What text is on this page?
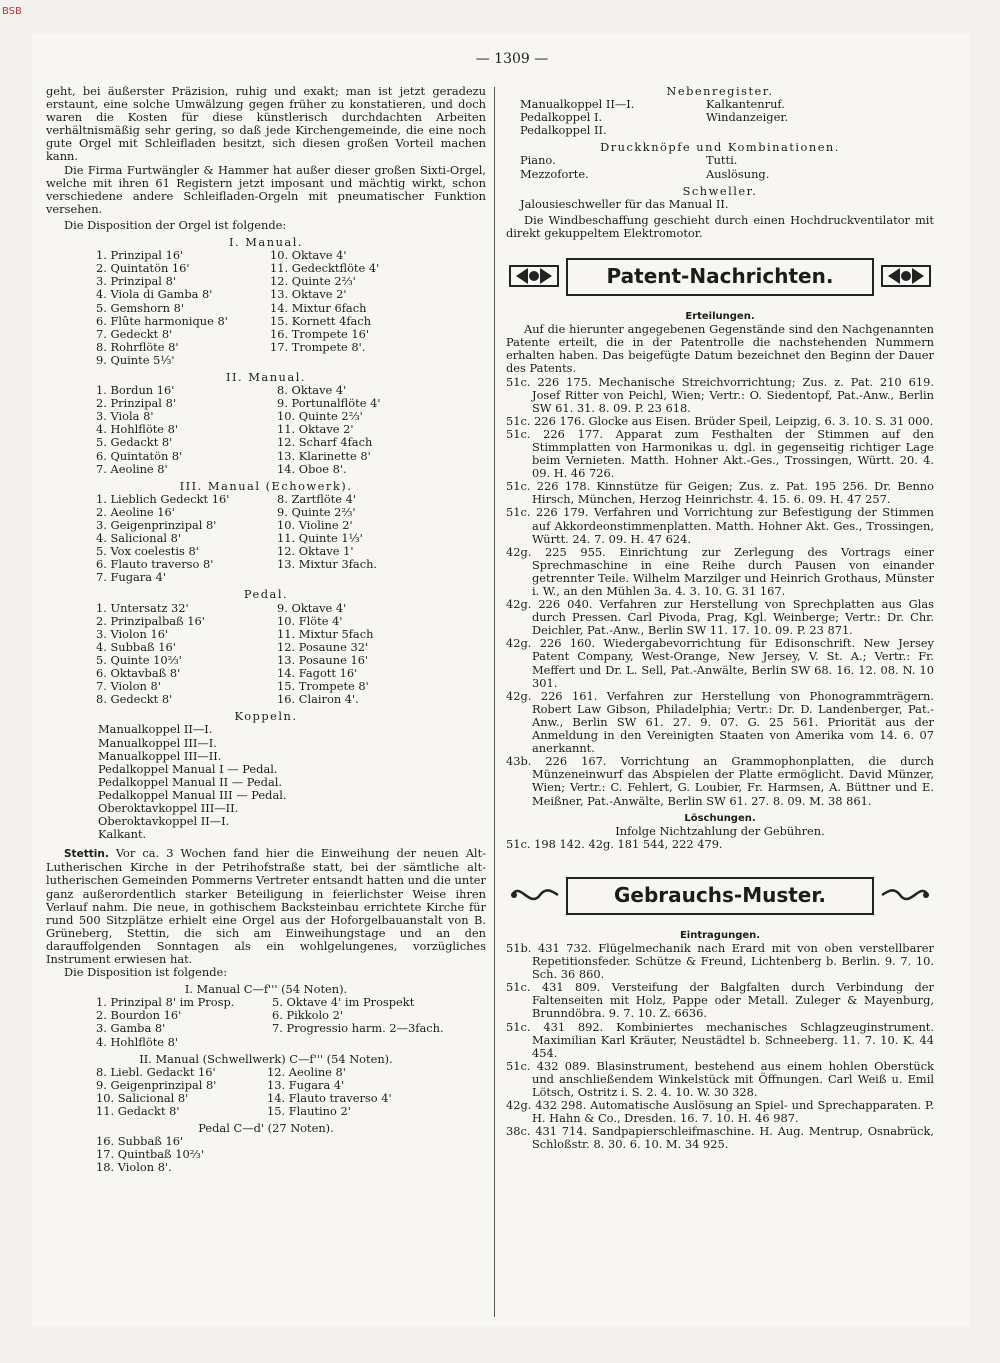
BSB
— 1309 —

geht, bei äußerster Präzision, ruhig und exakt; man ist jetzt geradezu erstaunt, eine solche Umwälzung gegen früher zu konstatieren, und doch waren die Kosten für diese künstlerisch durchdachten Arbeiten verhältnismäßig sehr gering, so daß jede Kirchengemeinde, die eine noch gute Orgel mit Schleifladen besitzt, sich diesen großen Vorteil machen kann.

Die Firma Furtwängler & Hammer hat außer dieser großen Sixti-Orgel, welche mit ihren 61 Registern jetzt imposant und mächtig wirkt, schon verschiedene andere Schleifladen-Orgeln mit pneumatischer Funktion versehen.

Die Disposition der Orgel ist folgende:

I. Manual.
1. Prinzipal 16'	10. Oktave 4'
2. Quintatön 16'	11. Gedecktflöte 4'
3. Prinzipal 8'	12. Quinte 2⅔'
4. Viola di Gamba 8'	13. Oktave 2'
5. Gemshorn 8'	14. Mixtur 6fach
6. Flûte harmonique 8'	15. Kornett 4fach
7. Gedeckt 8'	16. Trompete 16'
8. Rohrflöte 8'	17. Trompete 8'.
9. Quinte 5⅓'

II. Manual.
1. Bordun 16'	8. Oktave 4'
2. Prinzipal 8'	9. Portunalflöte 4'
3. Viola 8'	10. Quinte 2⅔'
4. Hohlflöte 8'	11. Oktave 2'
5. Gedackt 8'	12. Scharf 4fach
6. Quintatön 8'	13. Klarinette 8'
7. Aeoline 8'	14. Oboe 8'.
III. Manual (Echowerk).
1. Lieblich Gedeckt 16'	8. Zartflöte 4'
2. Aeoline 16'	9. Quinte 2⅔'
3. Geigenprinzipal 8'	10. Violine 2'
4. Salicional 8'	11. Quinte 1⅓'
5. Vox coelestis 8'	12. Oktave 1'
6. Flauto traverso 8'	13. Mixtur 3fach.
7. Fugara 4'

Pedal.
1. Untersatz 32'	9. Oktave 4'
2. Prinzipalbaß 16'	10. Flöte 4'
3. Violon 16'	11. Mixtur 5fach
4. Subbaß 16'	12. Posaune 32'
5. Quinte 10⅔'	13. Posaune 16'
6. Oktavbaß 8'	14. Fagott 16'
7. Violon 8'	15. Trompete 8'
8. Gedeckt 8'	16. Clairon 4'.
Koppeln.
Manualkoppel II—I.
Manualkoppel III—I.
Manualkoppel III—II.
Pedalkoppel Manual I — Pedal.
Pedalkoppel Manual II — Pedal.
Pedalkoppel Manual III — Pedal.
Oberoktavkoppel III—II.
Oberoktavkoppel II—I.
Kalkant.

Stettin. Vor ca. 3 Wochen fand hier die Einweihung der neuen Alt-Lutherischen Kirche in der Petrihofstraße statt, bei der sämtliche alt-lutherischen Gemeinden Pommerns Vertreter entsandt hatten und die unter ganz außerordentlich starker Beteiligung in feierlichster Weise ihren Verlauf nahm. Die neue, in gothischem Backsteinbau errichtete Kirche für rund 500 Sitzplätze erhielt eine Orgel aus der Hoforgelbauanstalt von B. Grüneberg, Stettin, die sich am Einweihungstage und an den darauffolgenden Sonntagen als ein wohlgelungenes, vorzügliches Instrument erwiesen hat.

Die Disposition ist folgende:

I. Manual C—f''' (54 Noten).
1. Prinzipal 8' im Prosp.	5. Oktave 4' im Prospekt
2. Bourdon 16'	6. Pikkolo 2'
3. Gamba 8'	7. Progressio harm. 2—3fach.
4. Hohlflöte 8'

II. Manual (Schwellwerk) C—f''' (54 Noten).
8. Liebl. Gedackt 16'	12. Aeoline 8'
9. Geigenprinzipal 8'	13. Fugara 4'
10. Salicional 8'	14. Flauto traverso 4'
11. Gedackt 8'	15. Flautino 2'
Pedal C—d' (27 Noten).
16. Subbaß 16'
17. Quintbaß 10⅔'
18. Violon 8'.
Nebenregister.
Manualkoppel II—I.	Kalkantenruf.
Pedalkoppel I.	Windanzeiger.
Pedalkoppel II.

Druckknöpfe und Kombinationen.
Piano.	Tutti.
Mezzoforte.	Auslösung.
Schweller.
Jalousieschweller für das Manual II.

Die Windbeschaffung geschieht durch einen Hochdruckventilator mit direkt gekuppeltem Elektromotor.

Patent-Nachrichten.
Erteilungen.

Auf die hierunter angegebenen Gegenstände sind den Nachgenannten Patente erteilt, die in der Patentrolle die nachstehenden Nummern erhalten haben. Das beigefügte Datum bezeichnet den Beginn der Dauer des Patents.

51c. 226 175. Mechanische Streichvorrichtung; Zus. z. Pat. 210 619. Josef Ritter von Peichl, Wien; Vertr.: O. Siedentopf, Pat.-Anw., Berlin SW 61. 31. 8. 09. P. 23 618.
51c. 226 176. Glocke aus Eisen. Brüder Speil, Leipzig, 6. 3. 10. S. 31 000.
51c. 226 177. Apparat zum Festhalten der Stimmen auf den Stimmplatten von Harmonikas u. dgl. in gegenseitig richtiger Lage beim Vernieten. Matth. Hohner Akt.-Ges., Trossingen, Württ. 20. 4. 09. H. 46 726.
51c. 226 178. Kinnstütze für Geigen; Zus. z. Pat. 195 256. Dr. Benno Hirsch, München, Herzog Heinrichstr. 4. 15. 6. 09. H. 47 257.
51c. 226 179. Verfahren und Vorrichtung zur Befestigung der Stimmen auf Akkordeonstimmenplatten. Matth. Hohner Akt. Ges., Trossingen, Württ. 24. 7. 09. H. 47 624.
42g. 225 955. Einrichtung zur Zerlegung des Vortrags einer Sprechmaschine in eine Reihe durch Pausen von einander getrennter Teile. Wilhelm Marzilger und Heinrich Grothaus, Münster i. W., an den Mühlen 3a. 4. 3. 10. G. 31 167.
42g. 226 040. Verfahren zur Herstellung von Sprechplatten aus Glas durch Pressen. Carl Pivoda, Prag, Kgl. Weinberge; Vertr.: Dr. Chr. Deichler, Pat.-Anw., Berlin SW 11. 17. 10. 09. P. 23 871.
42g. 226 160. Wiedergabevorrichtung für Edisonschrift. New Jersey Patent Company, West-Orange, New Jersey, V. St. A.; Vertr.: Fr. Meffert und Dr. L. Sell, Pat.-Anwälte, Berlin SW 68. 16. 12. 08. N. 10 301.
42g. 226 161. Verfahren zur Herstellung von Phonogrammträgern. Robert Law Gibson, Philadelphia; Vertr.: Dr. D. Landenberger, Pat.-Anw., Berlin SW 61. 27. 9. 07. G. 25 561. Priorität aus der Anmeldung in den Vereinigten Staaten von Amerika vom 14. 6. 07 anerkannt.
43b. 226 167. Vorrichtung an Grammophonplatten, die durch Münzeneinwurf das Abspielen der Platte ermöglicht. David Münzer, Wien; Vertr.: C. Fehlert, G. Loubier, Fr. Harmsen, A. Büttner und E. Meißner, Pat.-Anwälte, Berlin SW 61. 27. 8. 09. M. 38 861.
Löschungen.
Infolge Nichtzahlung der Gebühren.
51c. 198 142. 42g. 181 544, 222 479.
Gebrauchs-Muster.
Eintragungen.
51b. 431 732. Flügelmechanik nach Erard mit von oben verstellbarer Repetitionsfeder. Schütze & Freund, Lichtenberg b. Berlin. 9. 7. 10. Sch. 36 860.
51c. 431 809. Versteifung der Balgfalten durch Verbindung der Faltenseiten mit Holz, Pappe oder Metall. Zuleger & Mayenburg, Brunndöbra. 9. 7. 10. Z. 6636.
51c. 431 892. Kombiniertes mechanisches Schlagzeuginstrument. Maximilian Karl Kräuter, Neustädtel b. Schneeberg. 11. 7. 10. K. 44 454.
51c. 432 089. Blasinstrument, bestehend aus einem hohlen Oberstück und anschließendem Winkelstück mit Öffnungen. Carl Weiß u. Emil Lötsch, Ostritz i. S. 2. 4. 10. W. 30 328.
42g. 432 298. Automatische Auslösung an Spiel- und Sprechapparaten. P. H. Hahn & Co., Dresden. 16. 7. 10. H. 46 987.
38c. 431 714. Sandpapierschleifmaschine. H. Aug. Mentrup, Osnabrück, Schloßstr. 8. 30. 6. 10. M. 34 925.
